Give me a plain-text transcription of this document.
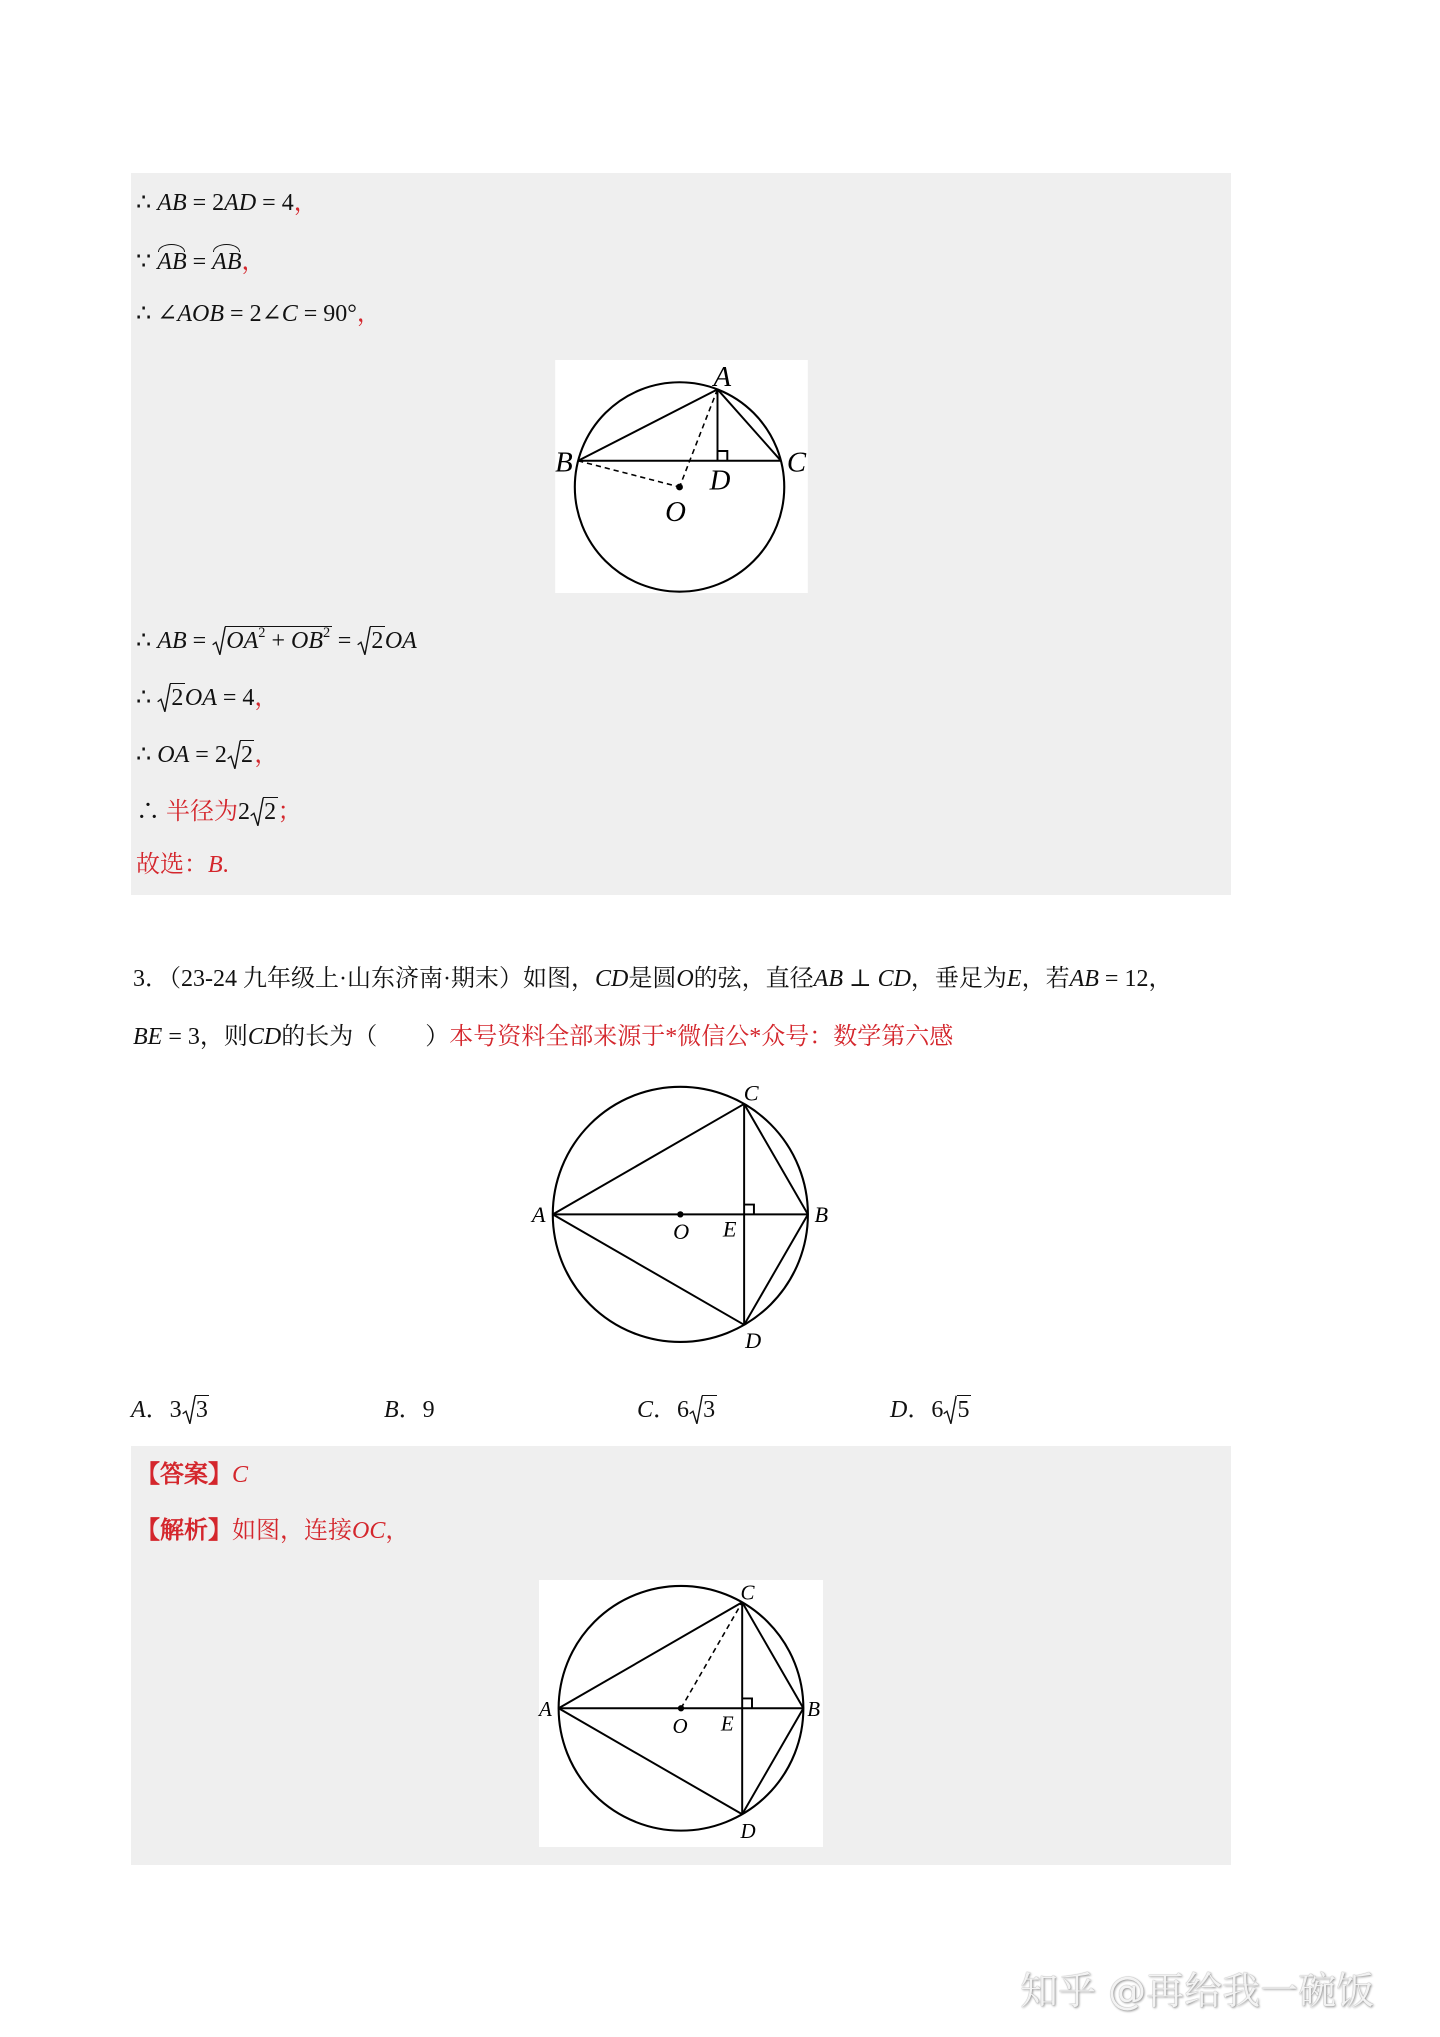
∴ AB = 2AD = 4，
∵ AB = AB，
∴ ∠AOB = 2∠C = 90°，
A
B	C
D
O
∴ AB =
$OA^2 + OB^2$ =
2OA
∴
2OA = 4，
∴ OA = 2 2，
∴ 半径为2 2；
故选：B.
3．（23-24 九年级上·山东济南·期末）如图，CD是圆O的弦，直径AB ⊥ CD，垂足为E，若AB = 12，
BE = 3，则CD的长为（　　）本号资料全部来源于*微信公*众号：数学第六感
C
A	B
D
O E
A．3 3	B．9	C．6 3	D．6 5
【答案】C
【解析】如图，连接OC，
C
A	B
D
O E
知乎 @再给我一碗饭
